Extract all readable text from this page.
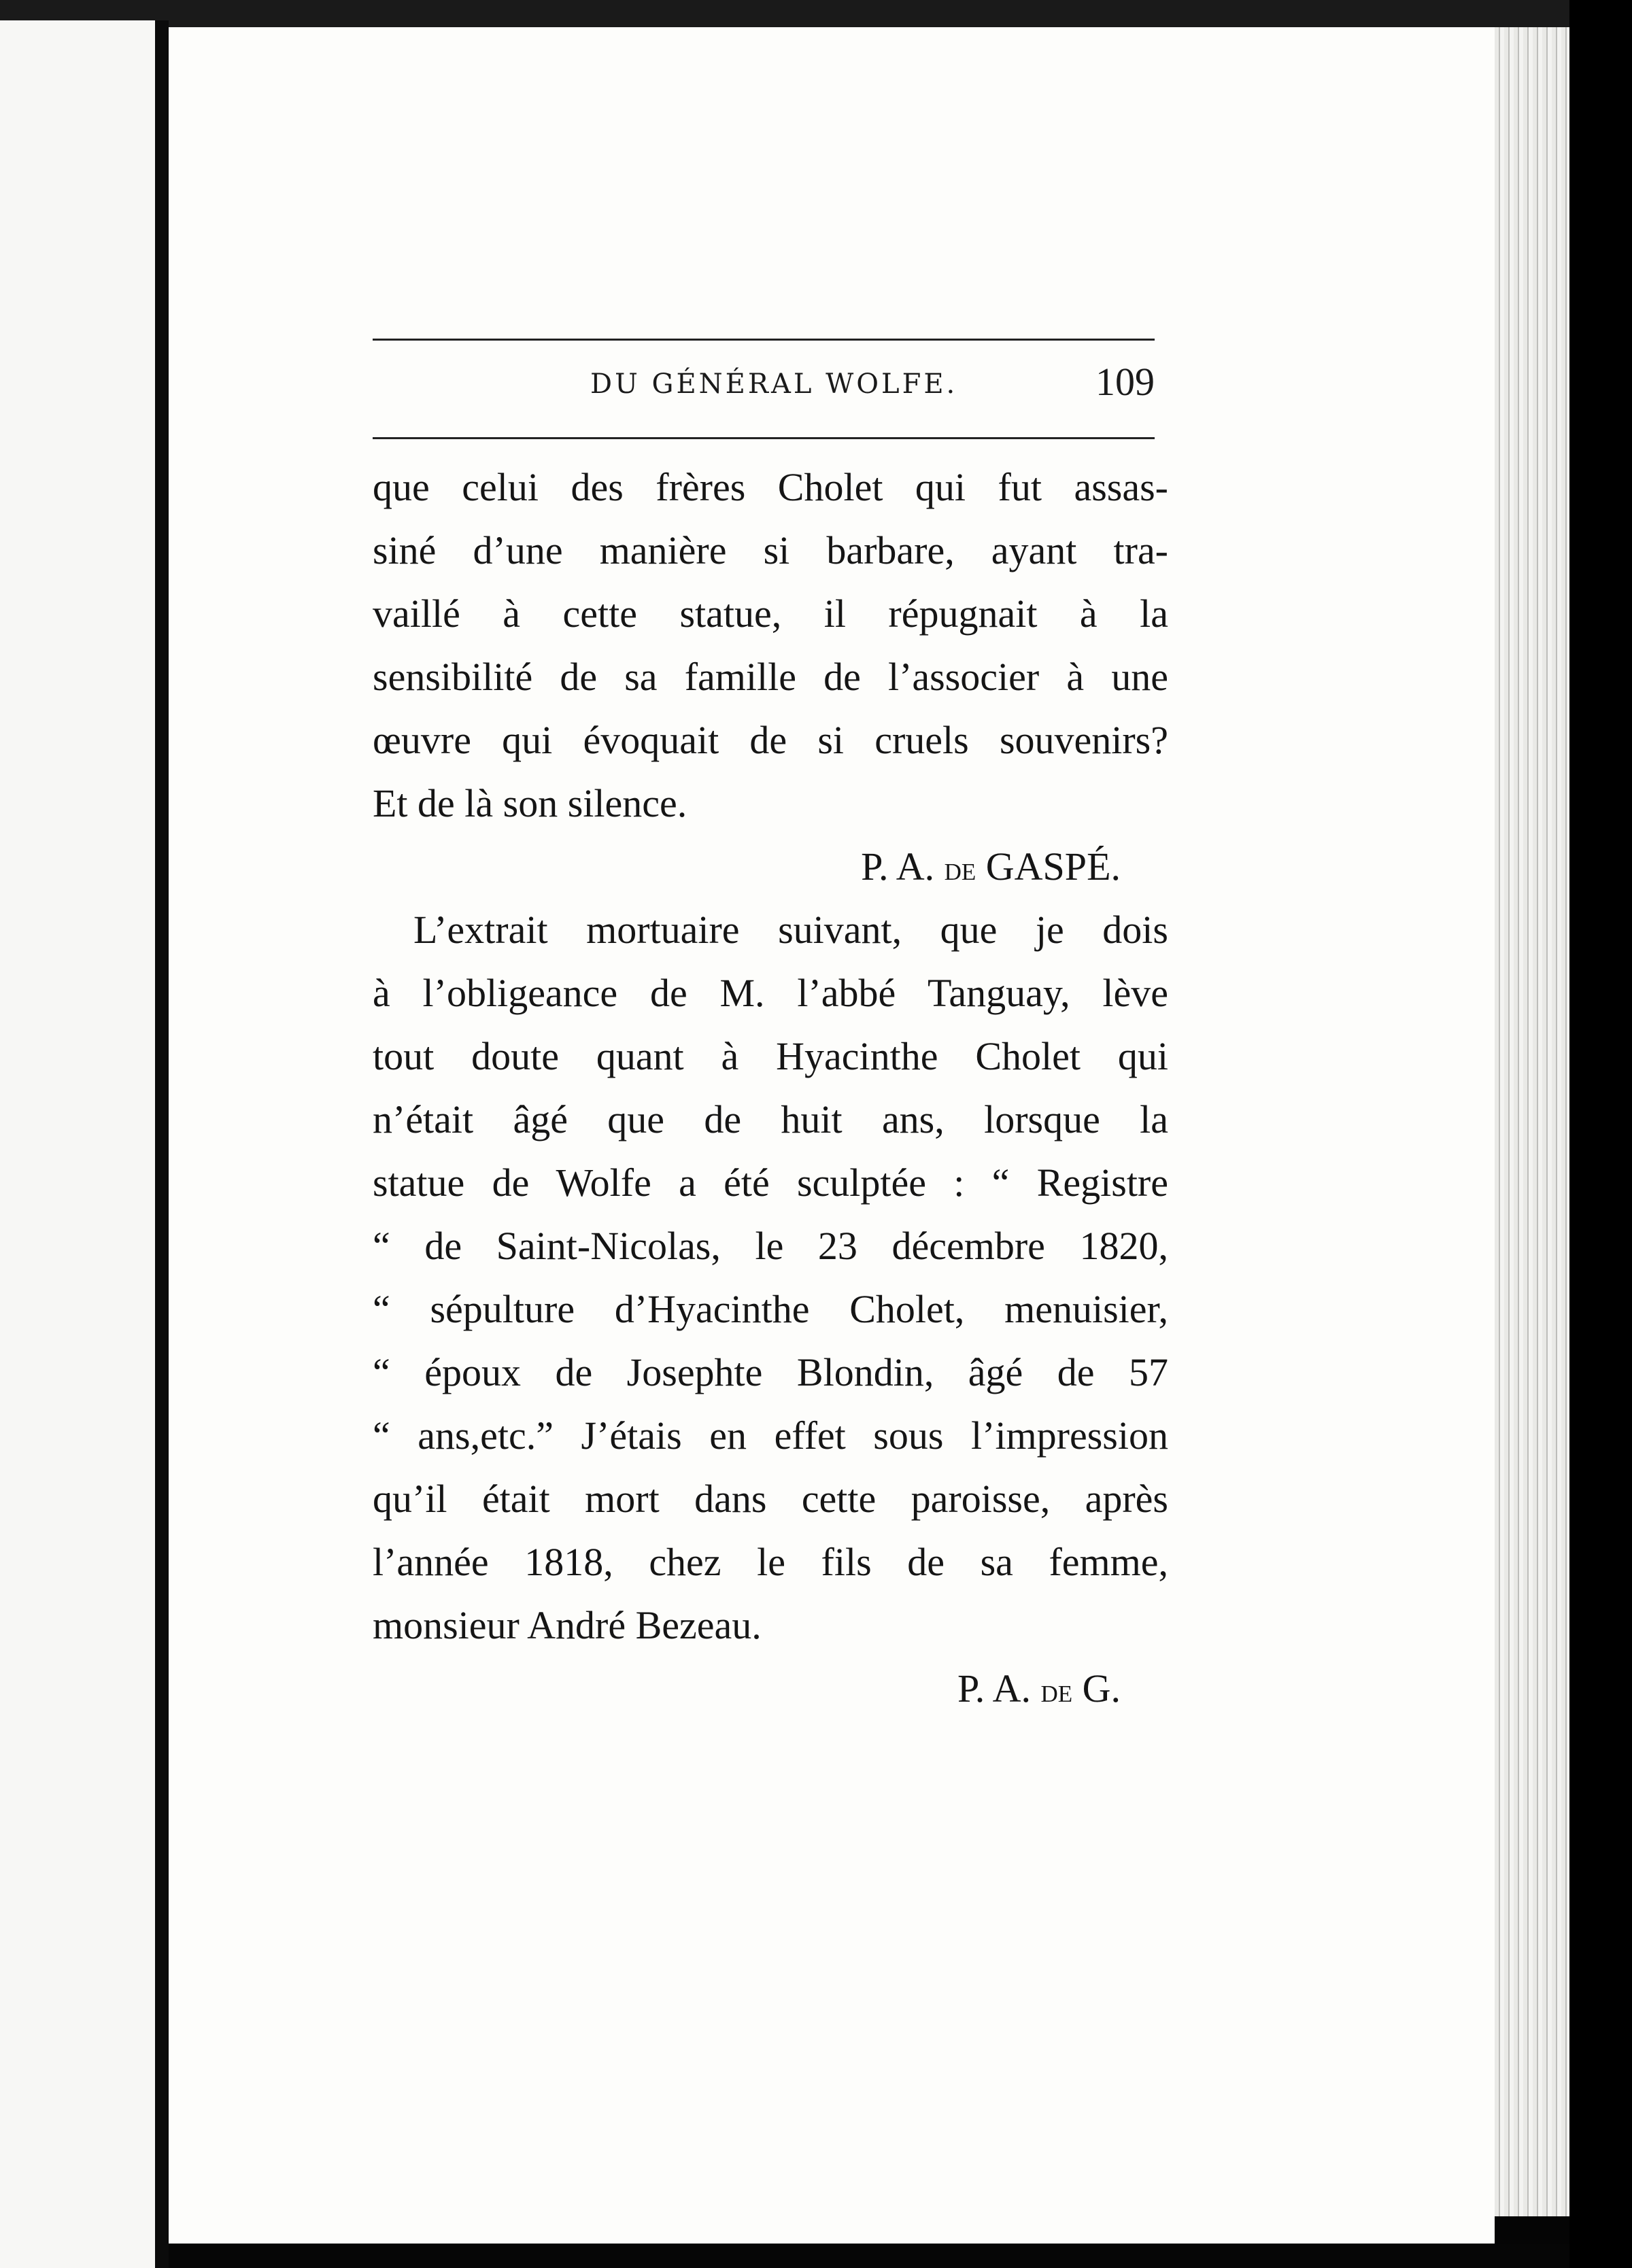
DU GÉNÉRAL WOLFE.	109
que celui des frères Cholet qui fut assas-
siné d’une manière si barbare, ayant tra-
vaillé à cette statue, il répugnait à la
sensibilité de sa famille de l’associer à une
œuvre qui évoquait de si cruels souvenirs?
Et de là son silence.
P. A. de GASPÉ.
L’extrait mortuaire suivant, que je dois
à l’obligeance de M. l’abbé Tanguay, lève
tout doute quant à Hyacinthe Cholet qui
n’était âgé que de huit ans, lorsque la
statue de Wolfe a été sculptée : “ Registre
“ de Saint-Nicolas, le 23 décembre 1820,
“ sépulture d’Hyacinthe Cholet, menuisier,
“ époux de Josephte Blondin, âgé de 57
“ ans,etc.” J’étais en effet sous l’impression
qu’il était mort dans cette paroisse, après
l’année 1818, chez le fils de sa femme,
monsieur André Bezeau.
P. A. de G.
